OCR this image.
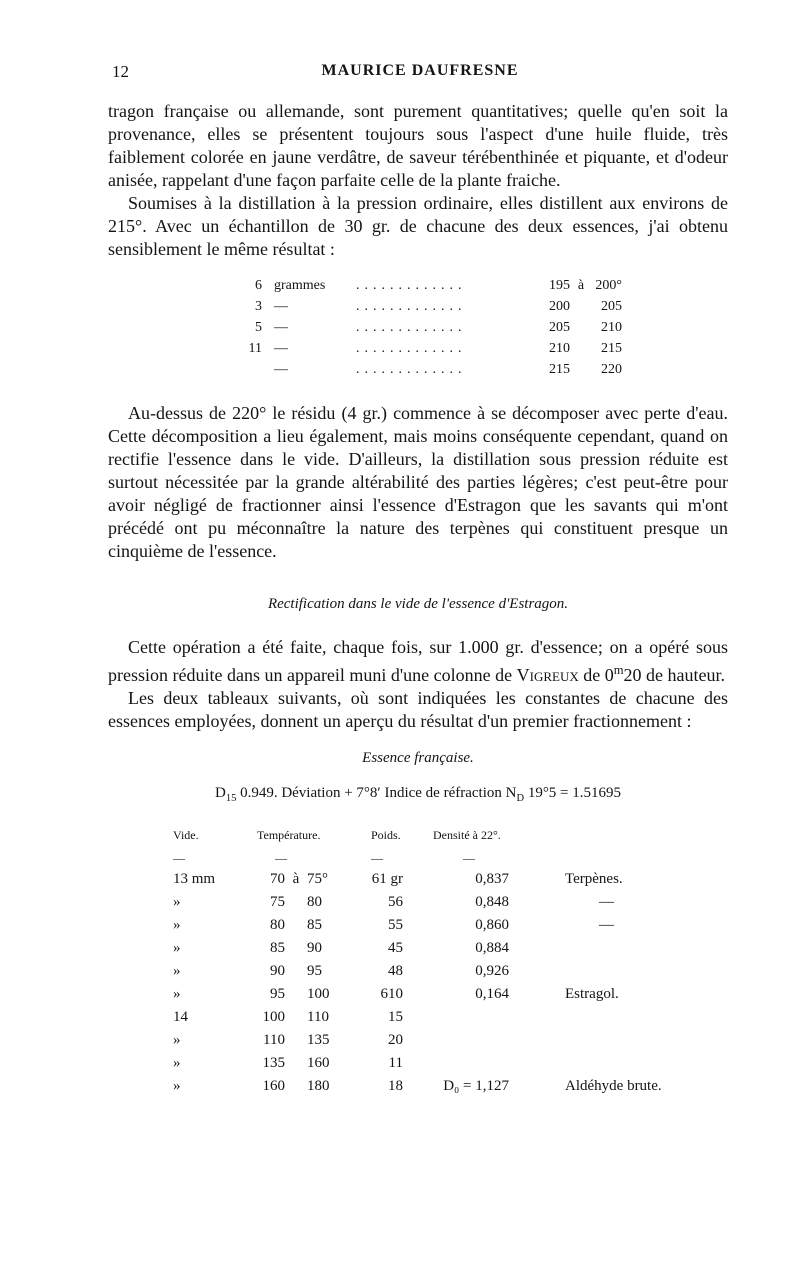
12	MAURICE DAUFRESNE

tragon française ou allemande, sont purement quantitatives; quelle qu'en soit la provenance, elles se présentent toujours sous l'aspect d'une huile fluide, très faiblement colorée en jaune verdâtre, de saveur térébenthinée et piquante, et d'odeur anisée, rappelant d'une façon parfaite celle de la plante fraiche.

Soumises à la distillation à la pression ordinaire, elles distillent aux environs de 215°. Avec un échantillon de 30 gr. de chacune des deux essences, j'ai obtenu sensiblement le même résultat :

6 grammes	.............	195 à 200°
3 —	.............	200	205
5 —	.............	205	210
11 —	.............	210	215
—	.............	215	220

Au-dessus de 220° le résidu (4 gr.) commence à se décomposer avec perte d'eau. Cette décomposition a lieu également, mais moins conséquente cependant, quand on rectifie l'essence dans le vide. D'ailleurs, la distillation sous pression réduite est surtout nécessitée par la grande altérabilité des parties légères; c'est peut-être pour avoir négligé de fractionner ainsi l'essence d'Estragon que les savants qui m'ont précédé ont pu méconnaître la nature des terpènes qui constituent presque un cinquième de l'essence.

Rectification dans le vide de l'essence d'Estragon.

Cette opération a été faite, chaque fois, sur 1.000 gr. d'essence; on a opéré sous pression réduite dans un appareil muni d'une colonne de Vigreux de 0$^m$20 de hauteur.

Les deux tableaux suivants, où sont indiquées les constantes de chacune des essences employées, donnent un aperçu du résultat d'un premier fractionnement :

Essence française.
$D_{15}$ 0.949. Déviation + 7°8′ Indice de réfraction $N_D$ 19°5 = 1.51695
Vide.	Température.	Poids.	Densité à 22°.	
—	—	—	—	
13 mm	70 à 75°	61 gr	0,837	Terpènes.
»	75 80	56	0,848	—
»	80 85	55	0,860	—
»	85 90	45	0,884	
»	90 95	48	0,926	
»	95 100	610	0,164	Estragol.
14	100 110	15		
»	110 135	20		
»	135 160	11		
»	160 180	18	D₀ = 1,127	Aldéhyde brute.
